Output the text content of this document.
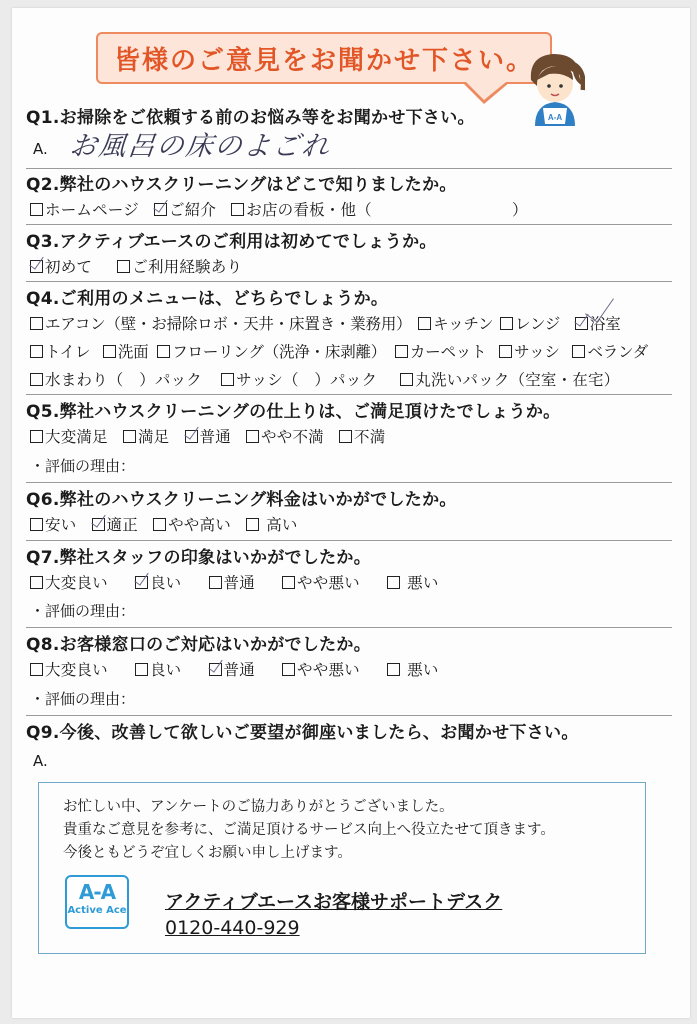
皆様のご意見をお聞かせ下さい。
A-A
Q1.お掃除をご依頼する前のお悩み等をお聞かせ下さい。
A. お風呂の床のよごれ
Q2.弊社のハウスクリーニングはどこで知りましたか。
ホームページ ご紹介 お店の看板・他（	）
Q3.アクティブエースのご利用は初めてでしょうか。
初めて	ご利用経験あり
Q4.ご利用のメニューは、どちらでしょうか。
エアコン（壁・お掃除ロボ・天井・床置き・業務用） キッチン レンジ 浴室
トイレ 洗面 フローリング（洗浄・床剥離） カーペット サッシ ベランダ
水まわり（　）パック サッシ（　）パック 丸洗いパック（空室・在宅）
Q5.弊社ハウスクリーニングの仕上りは、ご満足頂けたでしょうか。
大変満足 満足 普通 やや不満 不満
・評価の理由：
Q6.弊社のハウスクリーニング料金はいかがでしたか。
安い 適正 やや高い 高い
Q7.弊社スタッフの印象はいかがでしたか。
大変良い	良い	普通	やや悪い	悪い
・評価の理由：
Q8.お客様窓口のご対応はいかがでしたか。
大変良い	良い	普通	やや悪い	悪い
・評価の理由：
Q9.今後、改善して欲しいご要望が御座いましたら、お聞かせ下さい。
A.
お忙しい中、アンケートのご協力ありがとうございました。
貴重なご意見を参考に、ご満足頂けるサービス向上へ役立たせて頂きます。
今後ともどうぞ宜しくお願い申し上げます。
A-A
Active Ace アクティブエースお客様サポートデスク
0120-440-929
